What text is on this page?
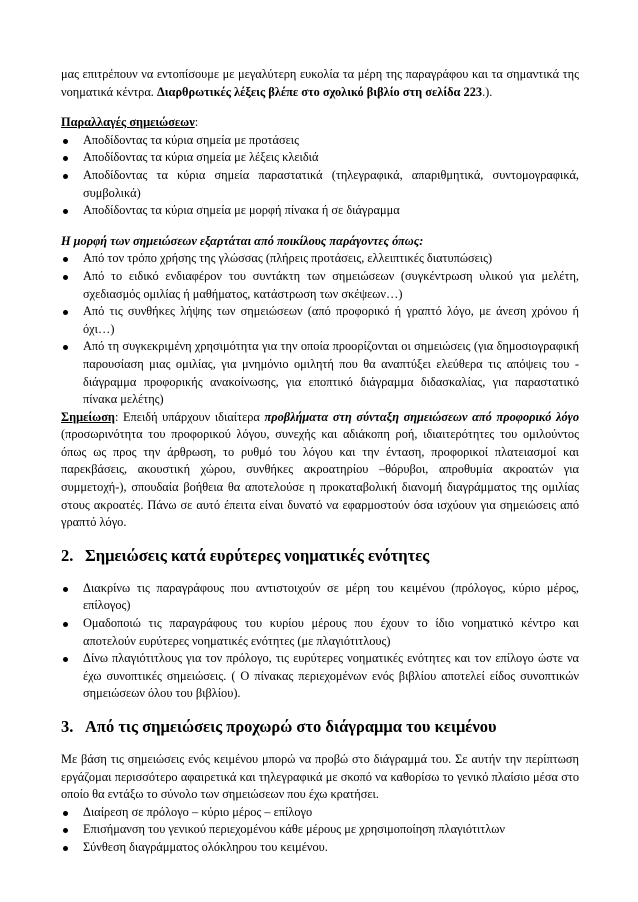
μας επιτρέπουν να εντοπίσουμε με μεγαλύτερη ευκολία τα μέρη της παραγράφου και τα σημαντικά της νοηματικά κέντρα. Διαρθρωτικές λέξεις βλέπε στο σχολικό βιβλίο στη σελίδα 223.).

Παραλλαγές σημειώσεων:

Αποδίδοντας τα κύρια σημεία με προτάσεις
Αποδίδοντας τα κύρια σημεία με λέξεις κλειδιά
Αποδίδοντας τα κύρια σημεία παραστατικά (τηλεγραφικά, απαριθμητικά, συντομογραφικά, συμβολικά)
Αποδίδοντας τα κύρια σημεία με μορφή πίνακα ή σε διάγραμμα

Η μορφή των σημειώσεων εξαρτάται από ποικίλους παράγοντες όπως:

Από τον τρόπο χρήσης της γλώσσας (πλήρεις προτάσεις, ελλειπτικές διατυπώσεις)
Από το ειδικό ενδιαφέρον του συντάκτη των σημειώσεων (συγκέντρωση υλικού για μελέτη, σχεδιασμός ομιλίας ή μαθήματος, κατάστρωση των σκέψεων…)
Από τις συνθήκες λήψης των σημειώσεων (από προφορικό ή γραπτό λόγο, με άνεση χρόνου ή όχι…)
Από τη συγκεκριμένη χρησιμότητα για την οποία προορίζονται οι σημειώσεις (για δημοσιογραφική παρουσίαση μιας ομιλίας, για μνημόνιο ομιλητή που θα αναπτύξει ελεύθερα τις απόψεις του - διάγραμμα προφορικής ανακοίνωσης, για εποπτικό διάγραμμα διδασκαλίας, για παραστατικό πίνακα μελέτης)

Σημείωση: Επειδή υπάρχουν ιδιαίτερα προβλήματα στη σύνταξη σημειώσεων από προφορικό λόγο (προσωρινότητα του προφορικού λόγου, συνεχής και αδιάκοπη ροή, ιδιαιτερότητες του ομιλούντος όπως ως προς την άρθρωση, το ρυθμό του λόγου και την ένταση, προφορικοί πλατειασμοί και παρεκβάσεις, ακουστική χώρου, συνθήκες ακροατηρίου –θόρυβοι, απροθυμία ακροατών για συμμετοχή-), σπουδαία βοήθεια θα αποτελούσε η προκαταβολική διανομή διαγράμματος της ομιλίας στους ακροατές. Πάνω σε αυτό έπειτα είναι δυνατό να εφαρμοστούν όσα ισχύουν για σημειώσεις από γραπτό λόγο.

2. Σημειώσεις κατά ευρύτερες νοηματικές ενότητες
Διακρίνω τις παραγράφους που αντιστοιχούν σε μέρη του κειμένου (πρόλογος, κύριο μέρος, επίλογος)
Ομαδοποιώ τις παραγράφους του κυρίου μέρους που έχουν το ίδιο νοηματικό κέντρο και αποτελούν ευρύτερες νοηματικές ενότητες (με πλαγιότιτλους)
Δίνω πλαγιότιτλους για τον πρόλογο, τις ευρύτερες νοηματικές ενότητες και τον επίλογο ώστε να έχω συνοπτικές σημειώσεις. ( Ο πίνακας περιεχομένων ενός βιβλίου αποτελεί είδος συνοπτικών σημειώσεων όλου του βιβλίου).
3. Από τις σημειώσεις προχωρώ στο διάγραμμα του κειμένου

Με βάση τις σημειώσεις ενός κειμένου μπορώ να προβώ στο διάγραμμά του. Σε αυτήν την περίπτωση εργάζομαι περισσότερο αφαιρετικά και τηλεγραφικά με σκοπό να καθορίσω το γενικό πλαίσιο μέσα στο οποίο θα εντάξω το σύνολο των σημειώσεων που έχω κρατήσει.

Διαίρεση σε πρόλογο – κύριο μέρος – επίλογο
Επισήμανση του γενικού περιεχομένου κάθε μέρους με χρησιμοποίηση πλαγιότιτλων
Σύνθεση διαγράμματος ολόκληρου του κειμένου.
